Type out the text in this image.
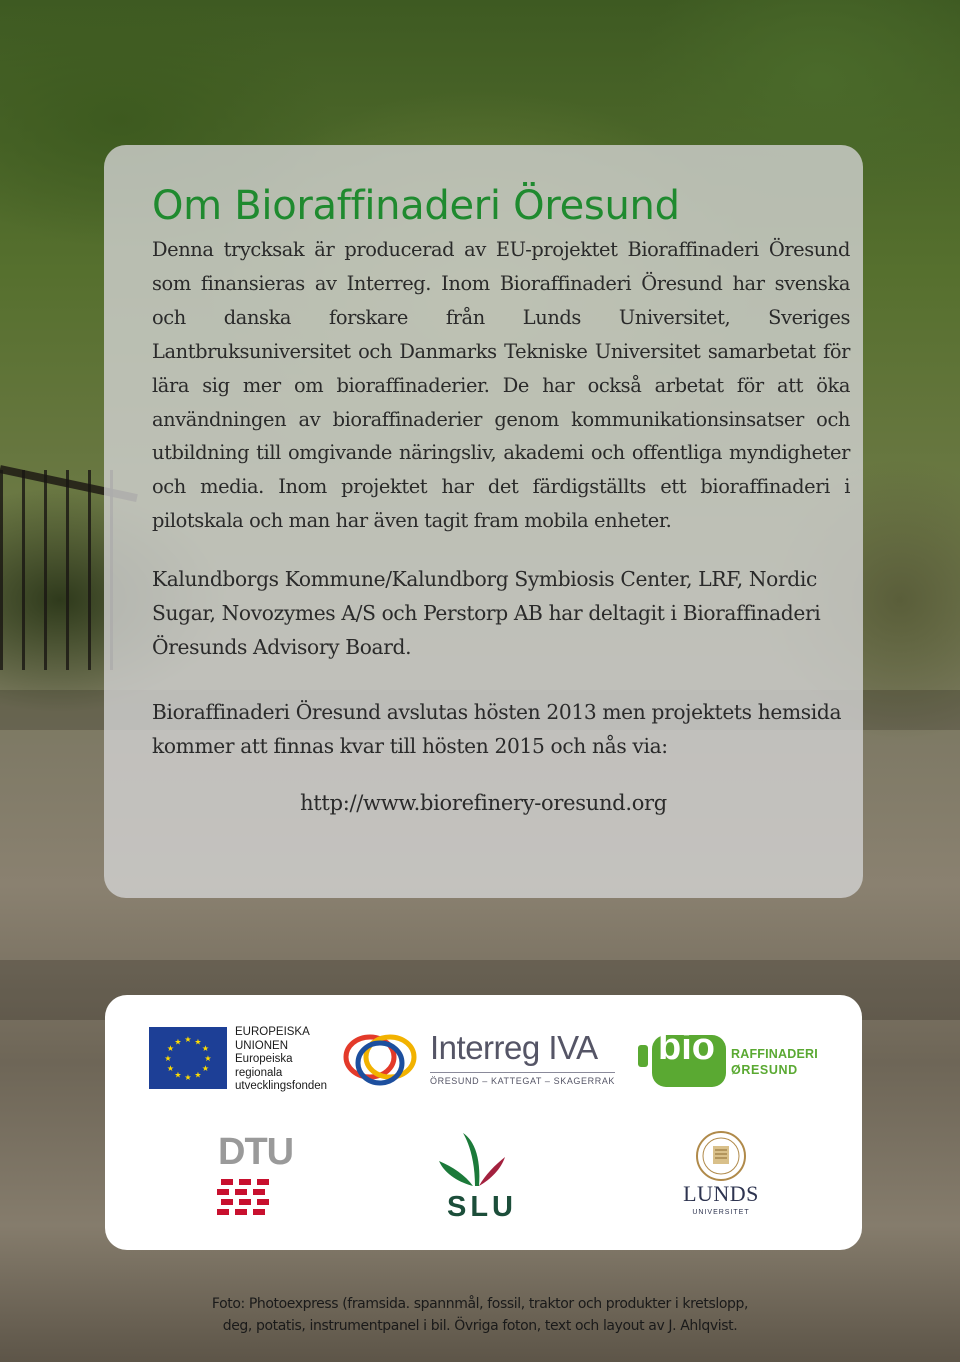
Om Bioraffinaderi Öresund

Denna trycksak är producerad av EU-projektet Bioraffinaderi Öresund som finansieras av Interreg. Inom Bioraffinaderi Öresund har svenska och danska forskare från Lunds Universitet, Sveriges Lantbruksuniversitet och Danmarks Tekniske Universitet samarbetat för lära sig mer om bioraffinaderier. De har också arbetat för att öka användningen av bioraffinaderier genom kommunikationsinsatser och utbildning till omgivande näringsliv, akademi och offentliga myndigheter och media. Inom projektet har det färdigställts ett bioraffinaderi i pilotskala och man har även tagit fram mobila enheter.

Kalundborgs Kommune/Kalundborg Symbiosis Center, LRF, Nordic Sugar, Novozymes A/S och Perstorp AB har deltagit i Bioraffinaderi Öresunds Advisory Board.

Bioraffinaderi Öresund avslutas hösten 2013 men projektets hemsida kommer att finnas kvar till hösten 2015 och nås via:

http://www.biorefinery-oresund.org

★ ★
★
★
★
★
★
★
★
★
★
★
EUROPEISKA
UNIONEN
Europeiska
regionala
utvecklingsfonden
Interreg IVA
ÖRESUND – KATTEGAT – SKAGERRAK
bio RAFFINADERI
ØRESUND
DTU
SLU	LUNDS
UNIVERSITET
Foto: Photoexpress (framsida. spannmål, fossil, traktor och produkter i kretslopp,
deg, potatis, instrumentpanel i bil. Övriga foton, text och layout av J. Ahlqvist.
